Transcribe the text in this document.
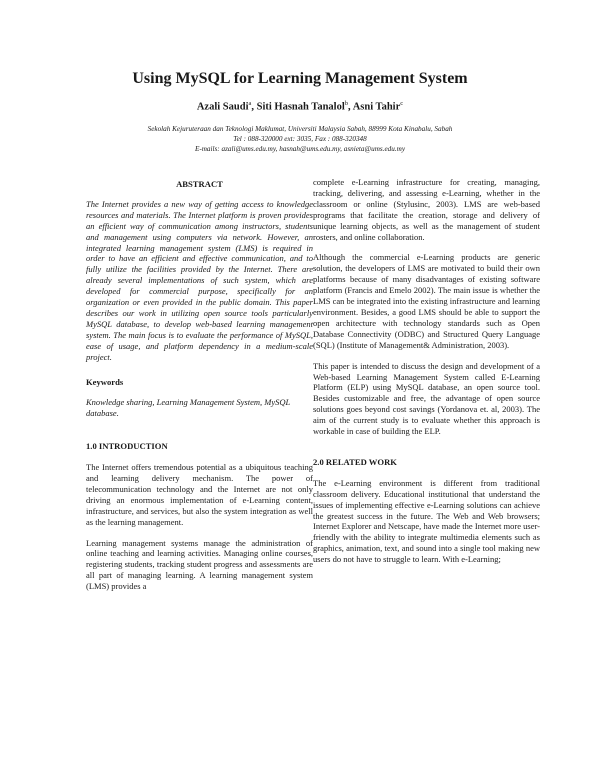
Using MySQL for Learning Management System
Azali Saudi$^a$, Siti Hasnah Tanalol$^b$, Asni Tahir$^c$
Sekolah Kejuruteraan dan Teknologi Maklumat, Universiti Malaysia Sabah, 88999 Kota Kinabalu, Sabah
Tel : 088-320000 ext: 3035, Fax : 088-320348
E-mails: azali@ums.edu.my, hasnah@ums.edu.my, asnieta@ums.edu.my
ABSTRACT
The Internet provides a new way of getting access to knowledge resources and materials. The Internet platform is proven provides an efficient way of communication among instructors, students and management using computers via network. However, an integrated learning management system (LMS) is required in order to have an efficient and effective communication, and to fully utilize the facilities provided by the Internet. There are already several implementations of such system, which are developed for commercial purpose, specifically for an organization or even provided in the public domain. This paper describes our work in utilizing open source tools particularly MySQL database, to develop web-based learning management system. The main focus is to evaluate the performance of MySQL, ease of usage, and platform dependency in a medium-scale project.
Keywords
Knowledge sharing, Learning Management System, MySQL database.
1.0 INTRODUCTION

The Internet offers tremendous potential as a ubiquitous teaching and learning delivery mechanism. The power of telecommunication technology and the Internet are not only driving an enormous implementation of e-Learning content, infrastructure, and services, but also the system integration as well as the learning management.

Learning management systems manage the administration of online teaching and learning activities. Managing online courses, registering students, tracking student progress and assessments are all part of managing learning. A learning management system (LMS) provides a

complete e-Learning infrastructure for creating, managing, tracking, delivering, and assessing e-Learning, whether in the classroom or online (Stylusinc, 2003). LMS are web-based programs that facilitate the creation, storage and delivery of unique learning objects, as well as the management of student rosters, and online collaboration.

Although the commercial e-Learning products are generic solution, the developers of LMS are motivated to build their own platforms because of many disadvantages of existing software platform (Francis and Emelo 2002). The main issue is whether the LMS can be integrated into the existing infrastructure and learning environment. Besides, a good LMS should be able to support the open architecture with technology standards such as Open Database Connectivity (ODBC) and Structured Query Language (SQL) (Institute of Management& Administration, 2003).

This paper is intended to discuss the design and development of a Web-based Learning Management System called E-Learning Platform (ELP) using MySQL database, an open source tool. Besides customizable and free, the advantage of open source solutions goes beyond cost savings (Yordanova et. al, 2003). The aim of the current study is to evaluate whether this approach is workable in case of building the ELP.

2.0 RELATED WORK

The e-Learning environment is different from traditional classroom delivery. Educational institutional that understand the issues of implementing effective e-Learning solutions can achieve the greatest success in the future. The Web and Web browsers; Internet Explorer and Netscape, have made the Internet more user-friendly with the ability to integrate multimedia elements such as graphics, animation, text, and sound into a single tool making new users do not have to struggle to learn. With e-Learning;
